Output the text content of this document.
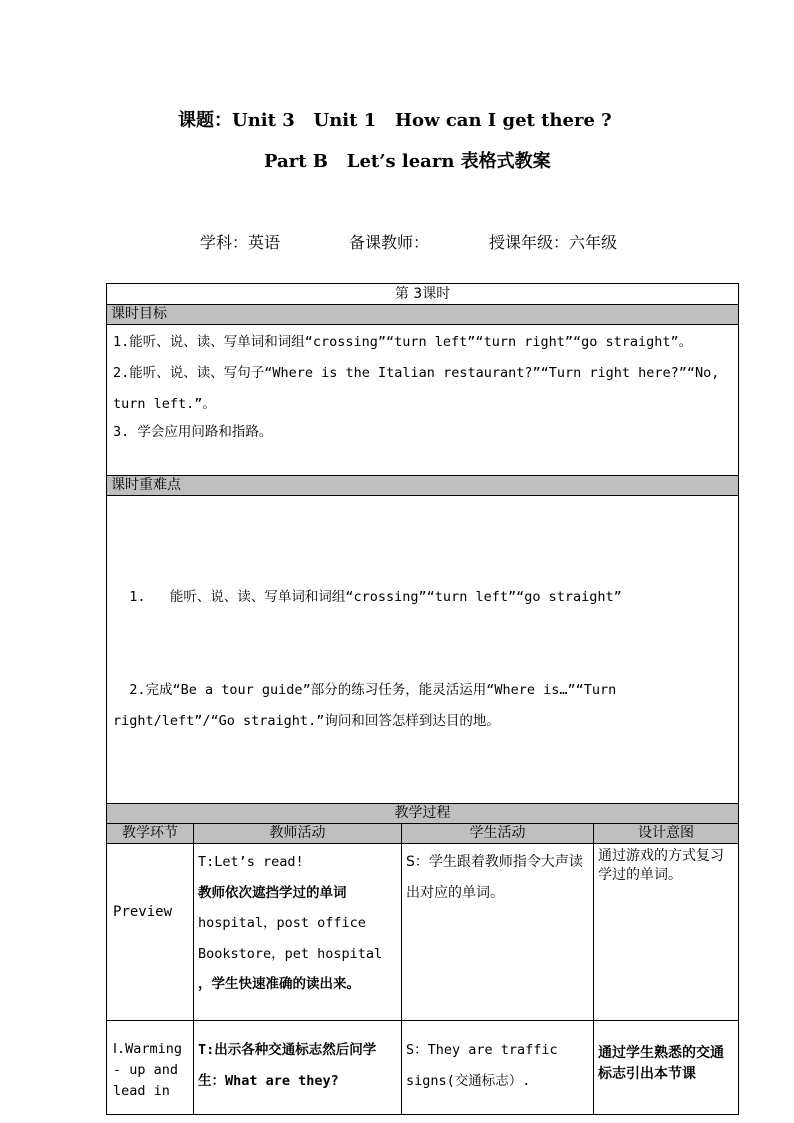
课题：Unit 3   Unit 1   How can I get there ?
Part B   Let’s learn 表格式教案
学科：英语	备课教师：	授课年级：六年级
第 3课时			
课时目标			

1.能听、说、读、写单词和词组“crossing”“turn left”“turn right”“go straight”。
2.能听、说、读、写句子“Where is the Italian restaurant?”“Turn right here?”“No, turn left.”。
3. 学会应用问路和指路。			

课时重难点			

1.   能听、说、读、写单词和词组“crossing”“turn left”“go straight”

2.完成“Be a tour guide”部分的练习任务，能灵活运用“Where is…”“Turn right/left”/“Go straight.”询问和回答怎样到达目的地。			

教学过程			
教学环节	教师活动	学生活动	设计意图
Preview	T:Let’s read!
教师依次遮挡学过的单词
hospital，post office
Bookstore，pet hospital
，学生快速准确的读出来。	S：学生跟着教师指令大声读出对应的单词。	通过游戏的方式复习学过的单词。

Ⅰ.Warming- up and lead in	T:出示各种交通标志然后问学生：What are they?	S：They are traffic signs(交通标志）.	通过学生熟悉的交通标志引出本节课
